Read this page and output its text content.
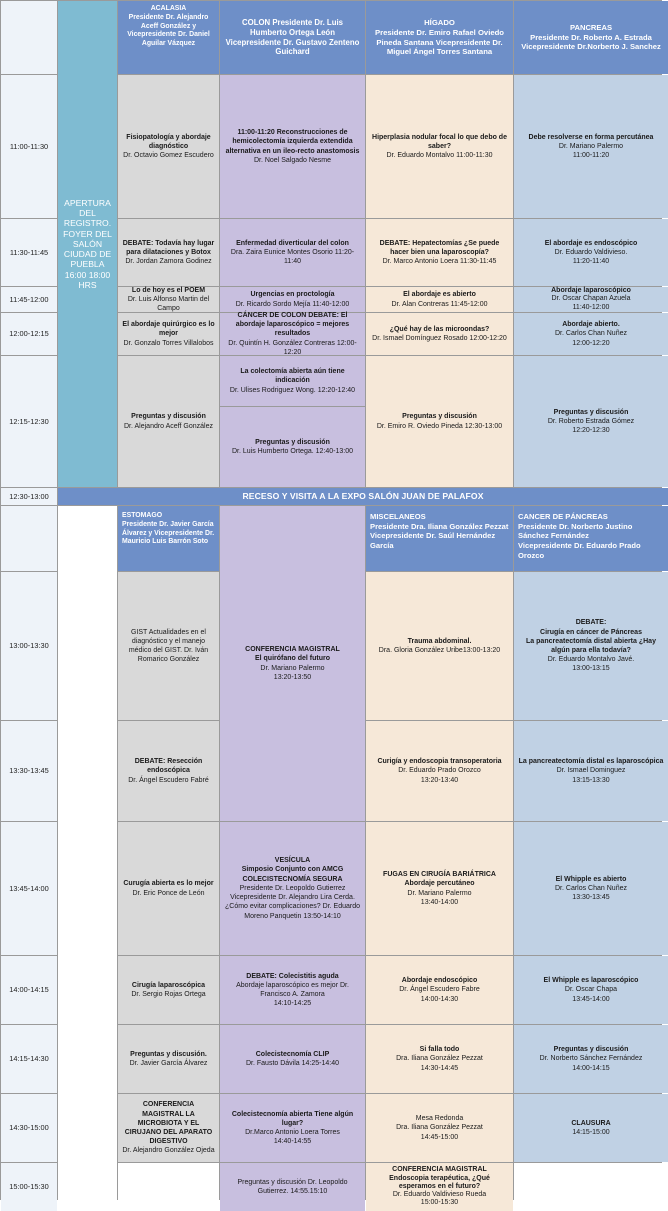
APERTURA DEL REGISTRO. FOYER DEL SALÓN CIUDAD DE PUEBLA 16:00 18:00 HRS
ACALASIA
Presidente Dr. Alejandro Aceff González y Vicepresidente Dr. Daniel Aguilar Vázquez
COLON Presidente Dr. Luis Humberto Ortega León Vicepresidente Dr. Gustavo Zenteno Guichard
HÍGADO
Presidente Dr. Emiro Rafael Oviedo Pineda Santana Vicepresidente Dr. Miguel Ángel Torres Santana
PANCREAS
Presidente Dr. Roberto A. Estrada Vicepresidente Dr.Norberto J. Sanchez
11:00-11:30
11:30-11:45
11:45-12:00
12:00-12:15
12:15-12:30
12:30-13:00
13:00-13:30
13:30-13:45
13:45-14:00
14:00-14:15
14:15-14:30
14:30-15:00
15:00-15:30
Fisiopatología y abordaje diagnóstico
Dr. Octavio Gomez Escudero
DEBATE: Todavía hay lugar para dilataciones y Botox
Dr. Jordan Zamora Godinez
Lo de hoy es el POEM
Dr. Luis Alfonso Martin del Campo
El abordaje quirúrgico es lo mejor
Dr. Gonzalo Torres Villalobos
Preguntas y discusión
Dr. Alejandro Aceff González
11:00-11:20 Reconstrucciones de hemicolectomía izquierda extendida alternativa en un ileo-recto anastomosis
Dr. Noel Salgado Nesme
Enfermedad diverticular del colon
Dra. Zaira Eunice Montes Osorio 11:20-11:40
Urgencias en proctología
Dr. Ricardo Sordo Mejía 11:40-12:00
CÁNCER DE COLON DEBATE: El abordaje laparoscópico = mejores resultados
Dr. Quintín H. González Contreras 12:00-12:20
La colectomía abierta aún tiene indicación
Dr. Ulises Rodriguez Wong. 12:20-12:40
Preguntas y discusión
Dr. Luis Humberto Ortega. 12:40-13:00
Hiperplasia nodular focal lo que debo de saber?
Dr. Eduardo Montalvo 11:00-11:30
DEBATE: Hepatectomías ¿Se puede hacer bien una laparoscopía?
Dr. Marco Antonio Loera 11:30-11:45
El abordaje es abierto
Dr. Alan Contreras 11:45-12:00
¿Qué hay de las microondas?
Dr. Ismael Domínguez Rosado 12:00-12:20
Preguntas y discusión
Dr. Emiro R. Oviedo Pineda 12:30-13:00
Debe resolverse en forma percutánea
Dr. Mariano Palermo
11:00-11:20
El abordaje es endoscópico
Dr. Eduardo Valdivieso.
11:20-11:40
Abordaje laparoscópico
Dr. Oscar Chapan Azuela
11:40-12:00
Abordaje abierto.
Dr. Carlos Chan Nuñez
12:00-12:20
Preguntas y discusión
Dr. Roberto Estrada Gómez
12:20-12:30
RECESO Y VISITA A LA EXPO SALÓN JUAN DE PALAFOX
ESTOMAGO
Presidente Dr. Javier García Álvarez y Vicepresidente Dr. Mauricio Luis Barrón Soto
CONFERENCIA MAGISTRAL
El quirófano del futuro
Dr. Mariano Palermo
13:20-13:50
MISCELANEOS
Presidente Dra. Iliana González Pezzat
Vicepresidente Dr. Saúl Hernández García
CANCER DE PÁNCREAS
Presidente Dr. Norberto Justino Sánchez Fernández
Vicepresidente Dr. Eduardo Prado Orozco
GIST Actualidades en el diagnóstico y el manejo médico del GIST. Dr. Iván Romarico González
DEBATE: Resección endoscópica
Dr. Ángel Escudero Fabré
Curugía abierta es lo mejor
Dr. Eric Ponce de León
Cirugía laparoscópica
Dr. Sergio Rojas Ortega
Preguntas y discusión.
Dr. Javier García Álvarez
CONFERENCIA MAGISTRAL LA MICROBIOTA Y EL CIRUJANO DEL APARATO DIGESTIVO
Dr. Alejandro González Ojeda
VESÍCULA
Simposio Conjunto con AMCG
COLECISTECNOMÍA SEGURA
Presidente Dr. Leopoldo Gutierrez Vicepresidente Dr. Alejandro Lira Cerda. ¿Cómo evitar complicaciones? Dr. Eduardo Moreno Panquetin 13:50-14:10
DEBATE: Colecistitis aguda
Abordaje laparoscópico es mejor Dr. Francisco A. Zamora
14:10-14:25
Colecistecnomía CLIP
Dr. Fausto Dávila 14:25-14:40
Colecistecnomía abierta Tiene algún lugar?
Dr.Marco Antonio Loera Torres
14:40-14:55
Preguntas y discusión Dr. Leopoldo Gutierrez. 14:55.15:10
Trauma abdominal.
Dra. Gloria González Uribe13:00-13:20
Curigía y endoscopia transoperatoria
Dr. Eduardo Prado Orozco
13:20-13:40
FUGAS EN CIRUGÍA BARIÁTRICA
Abordaje percutáneo
Dr. Mariano Palermo
13:40-14:00
Abordaje endoscópico
Dr. Ángel Escudero Fabre
14:00-14:30
Si falla todo
Dra. Iliana González Pezzat
14:30-14:45
Mesa Redonda
Dra. Iliana González Pezzat
14:45-15:00
CONFERENCIA MAGISTRAL
Endoscopia terapéutica, ¿Qué esperamos en el futuro?
Dr. Eduardo Valdivieso Rueda
15:00-15:30
DEBATE:
Cirugía en cáncer de Páncreas
La pancreatectomía distal abierta ¿Hay algún para ella todavía?
Dr. Eduardo Montalvo Javé.
13:00-13:15
La pancreatectomía distal es laparoscópica
Dr. Ismael Dominguez
13:15-13:30
El Whipple es abierto
Dr. Carlos Chan Nuñez
13:30-13:45
El Whipple es laparoscópico
Dr. Oscar Chapa
13:45-14:00
Preguntas y discusión
Dr. Norberto Sánchez Fernández
14:00-14:15
CLAUSURA
14:15-15:00
